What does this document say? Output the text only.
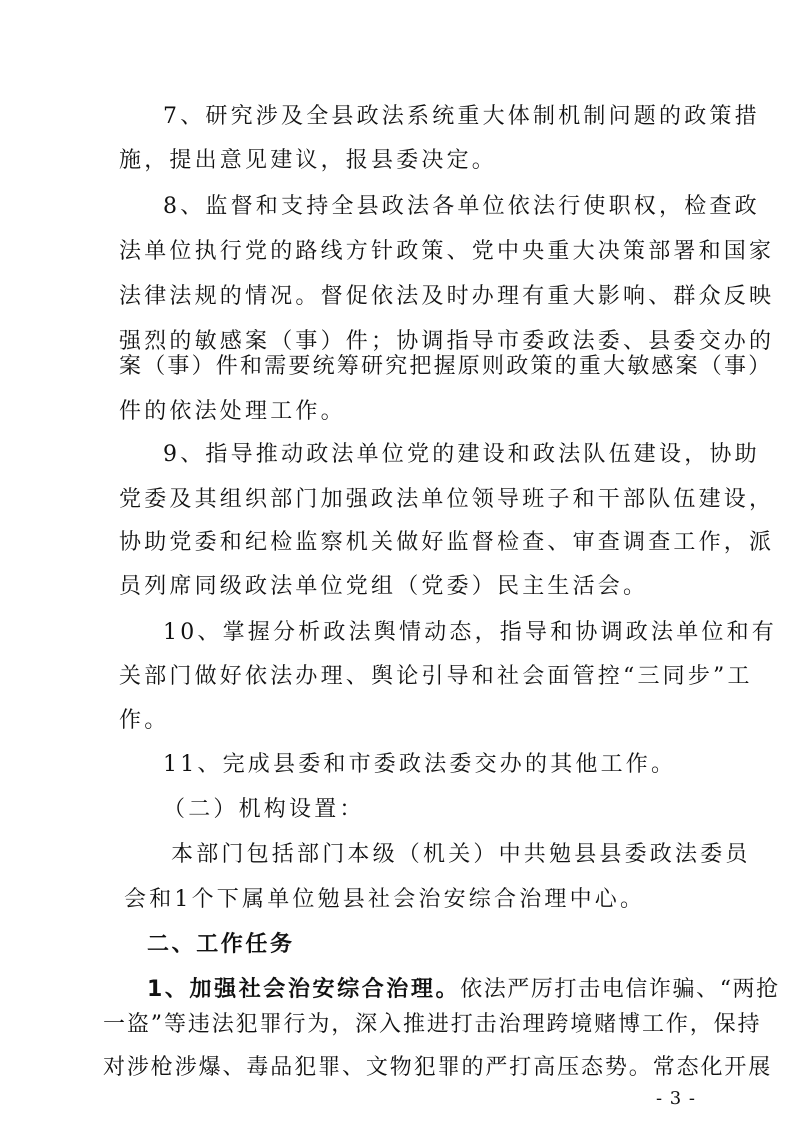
7、研究涉及全县政法系统重大体制机制问题的政策措
施，提出意见建议，报县委决定。
8、监督和支持全县政法各单位依法行使职权，检查政
法单位执行党的路线方针政策、党中央重大决策部署和国家
法律法规的情况。督促依法及时办理有重大影响、群众反映
强烈的敏感案（事）件；协调指导市委政法委、县委交办的
案（事）件和需要统筹研究把握原则政策的重大敏感案（事）
件的依法处理工作。
9、指导推动政法单位党的建设和政法队伍建设，协助
党委及其组织部门加强政法单位领导班子和干部队伍建设，
协助党委和纪检监察机关做好监督检查、审查调查工作，派
员列席同级政法单位党组（党委）民主生活会。
10、掌握分析政法舆情动态，指导和协调政法单位和有
关部门做好依法办理、舆论引导和社会面管控“三同步”工
作。
11、完成县委和市委政法委交办的其他工作。
（二）机构设置：
本部门包括部门本级（机关）中共勉县县委政法委员
会和1个下属单位勉县社会治安综合治理中心。
二、工作任务
1、加强社会治安综合治理。依法严厉打击电信诈骗、“两抢
一盗”等违法犯罪行为，深入推进打击治理跨境赌博工作，保持
对涉枪涉爆、毒品犯罪、文物犯罪的严打高压态势。常态化开展
- 3 -
